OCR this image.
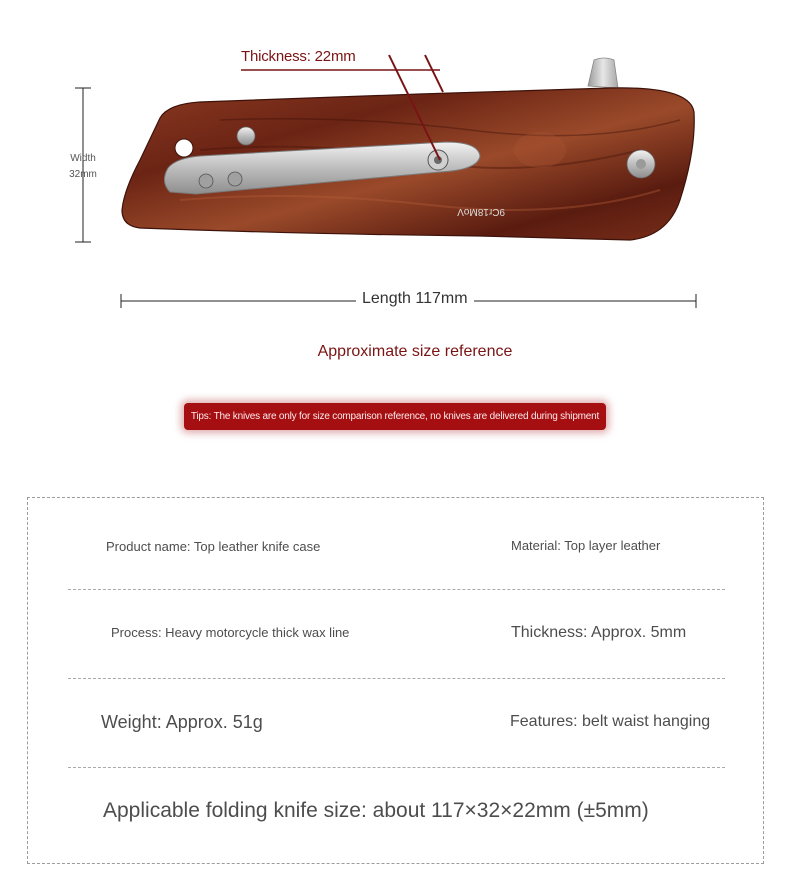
9Cr18MoV
Thickness: 22mm
Width
32mm
Length 117mm
Approximate size reference
Tips: The knives are only for size comparison reference, no knives are delivered during shipment
Product name: Top leather knife case	Material: Top layer leather
Process: Heavy motorcycle thick wax line	Thickness: Approx. 5mm
Weight: Approx. 51g	Features: belt waist hanging
Applicable folding knife size: about 117×32×22mm (±5mm)
